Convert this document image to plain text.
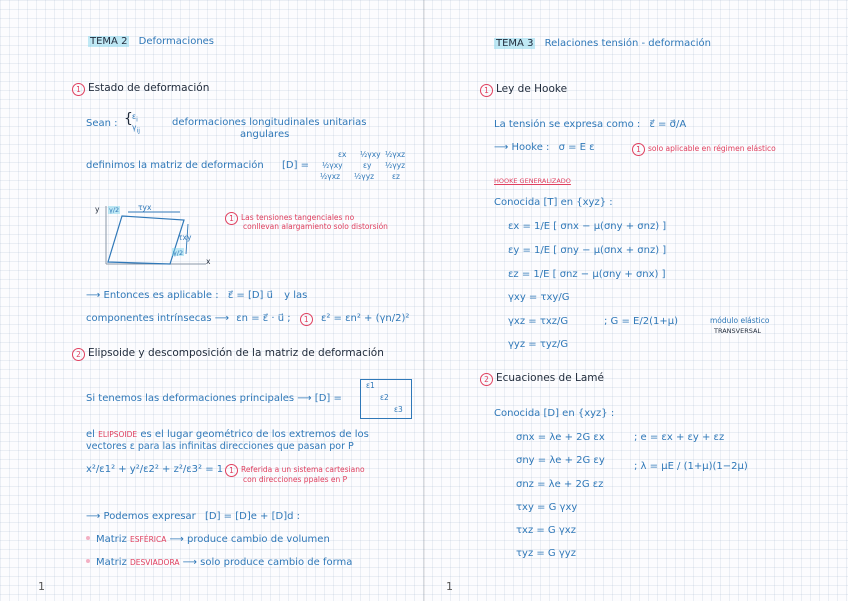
TEMA 2 Deformaciones
1 Estado de deformación
Sean : { $\varepsilon_i$
$\gamma_{ij}$
deformaciones longitudinales unitarias
angulares
definimos la matriz de deformación [D] =
εx ½γxy ½γxz
½γxy	εy ½γyz
½γxz ½γyz εz
y
x
τyx
τxy
γ/2
γ/2
1 Las tensiones tangenciales no
conllevan alargamiento solo distorsión
⟶ Entonces es aplicable : ε⃗ = [D] u⃗ y las
componentes intrínsecas ⟶ εn = ε⃗ · u⃗ ; 1 ε² = εn² + (γn/2)²
2 Elipsoide y descomposición de la matriz de deformación
Si tenemos las deformaciones principales ⟶ [D] =
ε1
ε2
ε3
el ELIPSOIDE es el lugar geométrico de los extremos de los
vectores ε para las infinitas direcciones que pasan por P
x²/ε1² + y²/ε2² + z²/ε3² = 1 1 Referida a un sistema cartesiano
con direcciones ppales en P
⟶ Podemos expresar [D] = [D]e + [D]d :
Matriz ESFÉRICA ⟶ produce cambio de volumen
Matriz DESVIADORA ⟶ solo produce cambio de forma
1
TEMA 3 Relaciones tensión - deformación
1 Ley de Hooke
La tensión se expresa como : ε⃗ = σ⃗/A
⟶ Hooke : σ = E ε	1 solo aplicable en régimen elástico
HOOKE GENERALIZADO
Conocida [T] en {xyz} :
εx = 1/E [ σnx − μ(σny + σnz) ]
εy = 1/E [ σny − μ(σnx + σnz) ]
εz = 1/E [ σnz − μ(σny + σnx) ]
γxy = τxy/G
γxz = τxz/G
γyz = τyz/G
; G = E/2(1+μ)	módulo elástico
TRANSVERSAL
2 Ecuaciones de Lamé
Conocida [D] en {xyz} :
σnx = λe + 2G εx
σny = λe + 2G εy
σnz = λe + 2G εz
τxy = G γxy
τxz = G γxz
τyz = G γyz
; e = εx + εy + εz
; λ = μE / (1+μ)(1−2μ)
1
